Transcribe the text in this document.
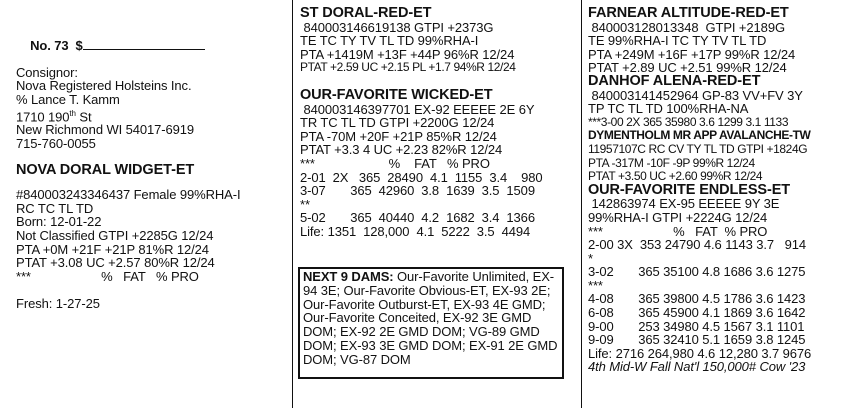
No. 73 $

Consignor:
Nova Registered Holsteins Inc.
% Lance T. Kamm
1710 190th St
New Richmond WI 54017-6919
715-760-0055
NOVA DORAL WIDGET-ET
#840003243346437 Female 99%RHA-I
RC TC TL TD
Born: 12-01-22
Not Classified GTPI +2285G 12/24
PTA +0M +21F +21P 81%R 12/24
PTAT +3.08 UC +2.57 80%R 12/24
***                    %   FAT   % PRO
Fresh: 1-27-25
ST DORAL-RED-ET
840003146619138 GTPI +2373G
TE TC TY TV TL TD 99%RHA-I
PTA +1419M +13F +44P 96%R 12/24
PTAT +2.59 UC +2.15 PL +1.7 94%R 12/24
OUR-FAVORITE WICKED-ET
840003146397701 EX-92 EEEEE 2E 6Y
TR TC TL TD GTPI +2200G 12/24
PTA -70M +20F +21P 85%R 12/24
PTAT +3.3 4 UC +2.23 82%R 12/24
***                     %    FAT   % PRO
2-01  2X   365  28490  4.1  1155  3.4    980
3-07       365  42960  3.8  1639  3.5  1509
**
5-02       365  40440  4.2  1682  3.4  1366
Life: 1351  128,000  4.1  5222  3.5  4494
NEXT 9 DAMS: Our-Favorite Unlimited, EX-94 3E; Our-Favorite Obvious-ET, EX-93 2E; Our-Favorite Outburst-ET, EX-93 4E GMD; Our-Favorite Conceited, EX-92 3E GMD DOM; EX-92 2E GMD DOM; VG-89 GMD DOM; EX-93 3E GMD DOM; EX-91 2E GMD DOM; VG-87 DOM
FARNEAR ALTITUDE-RED-ET
840003128013348  GTPI +2189G
TE 99%RHA-I TC TY TV TL TD
PTA +249M +16F +17P 99%R 12/24
PTAT +2.89 UC +2.51 99%R 12/24
DANHOF ALENA-RED-ET
840003141452964 GP-83 VV+FV 3Y
TP TC TL TD 100%RHA-NA
***3-00 2X 365 35980 3.6 1299 3.1 1133
DYMENTHOLM MR APP AVALANCHE-TW
11957107C RC CV TY TL TD GTPI +1824G
PTA -317M -10F -9P 99%R 12/24
PTAT +3.50 UC +2.60 99%R 12/24
OUR-FAVORITE ENDLESS-ET
142863974 EX-95 EEEEE 9Y 3E
99%RHA-I GTPI +2224G 12/24
***                    %   FAT  % PRO
2-00 3X  353 24790 4.6 1143 3.7   914
*
3-02       365 35100 4.8 1686 3.6 1275
***
4-08       365 39800 4.5 1786 3.6 1423
6-08       365 45900 4.1 1869 3.6 1642
9-00       253 34980 4.5 1567 3.1 1101
9-09       365 32410 5.1 1659 3.8 1245
Life: 2716 264,980 4.6 12,280 3.7 9676
4th Mid-W Fall Nat'l 150,000# Cow '23
